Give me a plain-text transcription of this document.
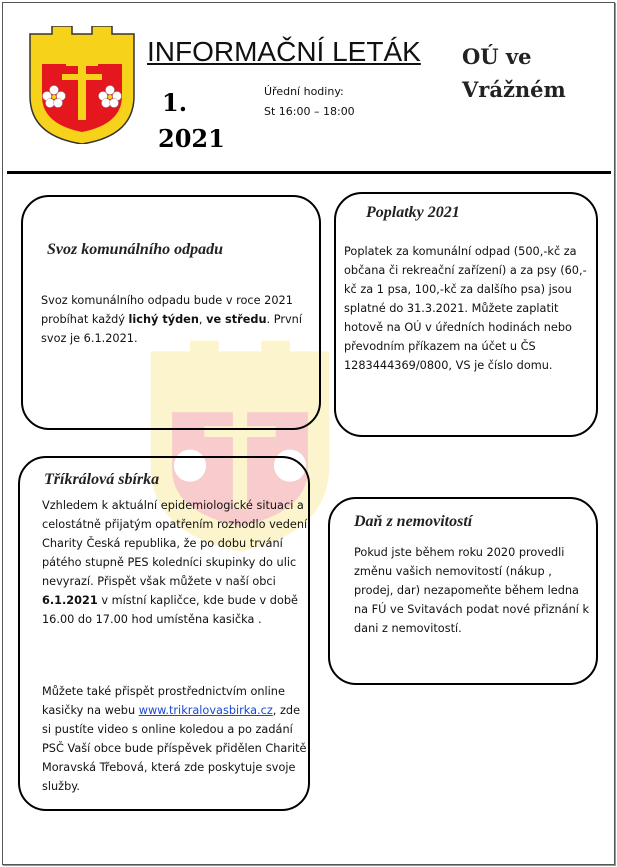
INFORMAČNÍ LETÁK
1.
2021
Úřední hodiny:
St 16:00 – 18:00
OÚ ve
Vrážném
Svoz komunálního odpadu

Svoz komunálního odpadu bude v roce 2021 probíhat každý lichý týden, ve středu. První svoz je 6.1.2021.

Poplatky 2021

Poplatek za komunální odpad (500,-kč za občana či rekreační zařízení) a za psy (60,-kč za 1 psa, 100,-kč za dalšího psa) jsou splatné do 31.3.2021. Můžete zaplatit hotově na OÚ v úředních hodinách nebo převodním příkazem na účet u ČS 1283444369/0800, VS je číslo domu.

Tříkrálová sbírka

Vzhledem k aktuální epidemiologické situaci a celostátně přijatým opatřením rozhodlo vedení Charity Česká republika, že po dobu trvání pátého stupně PES koledníci skupinky do ulic nevyrazí. Přispět však můžete v naší obci 6.1.2021 v místní kapličce, kde bude v době 16.00 do 17.00 hod umístěna kasička .

Můžete také přispět prostřednictvím online kasičky na webu www.trikralovasbirka.cz, zde si pustíte video s online koledou a po zadání PSČ Vaší obce bude příspěvek přidělen Charitě Moravská Třebová, která zde poskytuje svoje služby.

Daň z nemovitostí

Pokud jste během roku 2020 provedli změnu vašich nemovitostí (nákup , prodej, dar) nezapomeňte během ledna na FÚ ve Svitavách podat nové přiznání k dani z nemovitostí.
